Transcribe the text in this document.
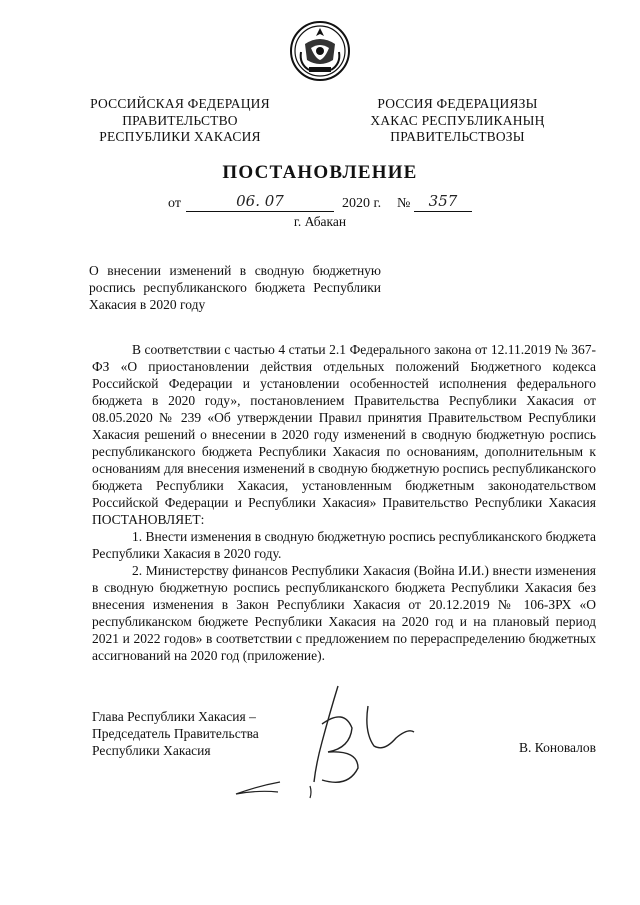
РОССИЙСКАЯ ФЕДЕРАЦИЯ
ПРАВИТЕЛЬСТВО
РЕСПУБЛИКИ ХАКАСИЯ
РОССИЯ ФЕДЕРАЦИЯЗЫ
ХАКАС РЕСПУБЛИКАНЫҢ
ПРАВИТЕЛЬСТВОЗЫ
ПОСТАНОВЛЕНИЕ
от	06. 07	2020 г. №	357
г. Абакан
О внесении изменений в сводную бюджетную роспись республиканского бюджета Республики Хакасия в 2020 году

В соответствии с частью 4 статьи 2.1 Федерального закона от 12.11.2019 № 367-ФЗ «О приостановлении действия отдельных положений Бюджетного кодекса Российской Федерации и установлении особенностей исполнения федерального бюджета в 2020 году», постановлением Правительства Республики Хакасия от 08.05.2020 № 239 «Об утверждении Правил принятия Правительством Республики Хакасия решений о внесении в 2020 году изменений в сводную бюджетную роспись республиканского бюджета Республики Хакасия по основаниям, дополнительным к основаниям для внесения изменений в сводную бюджетную роспись республиканского бюджета Республики Хакасия, установленным бюджетным законодательством Российской Федерации и Республики Хакасия» Правительство Республики Хакасия ПОСТАНОВЛЯЕТ:

1. Внести изменения в сводную бюджетную роспись республиканского бюджета Республики Хакасия в 2020 году.

2. Министерству финансов Республики Хакасия (Война И.И.) внести изменения в сводную бюджетную роспись республиканского бюджета Республики Хакасия без внесения изменения в Закон Республики Хакасия от 20.12.2019 № 106-ЗРХ «О республиканском бюджете Республики Хакасия на 2020 год и на плановый период 2021 и 2022 годов» в соответствии с предложением по перераспределению бюджетных ассигнований на 2020 год (приложение).

Глава Республики Хакасия –
Председатель Правительства
Республики Хакасия	В. Коновалов
